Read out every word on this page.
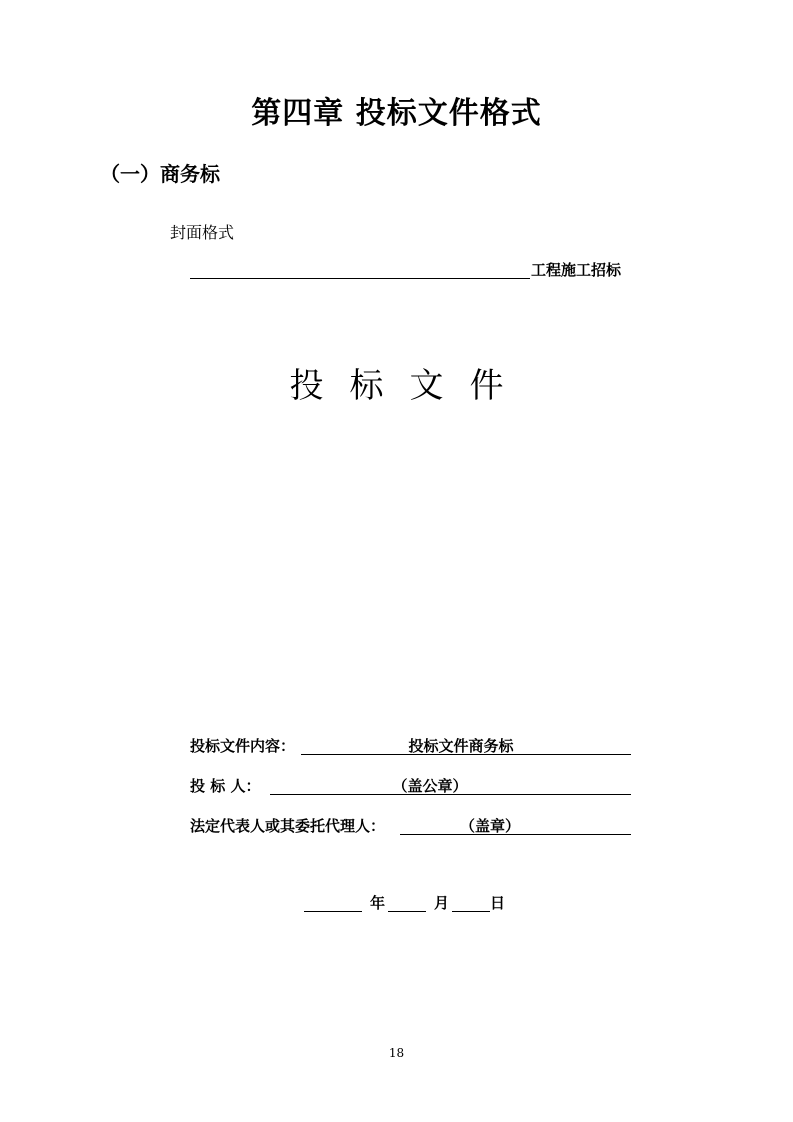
第四章 投标文件格式
（一）商务标
封面格式
工程施工招标
投标文件
投标文件内容：	投标文件商务标
投 标 人：	（盖公章）
法定代表人或其委托代理人：	（盖章）
年	月	日
18
